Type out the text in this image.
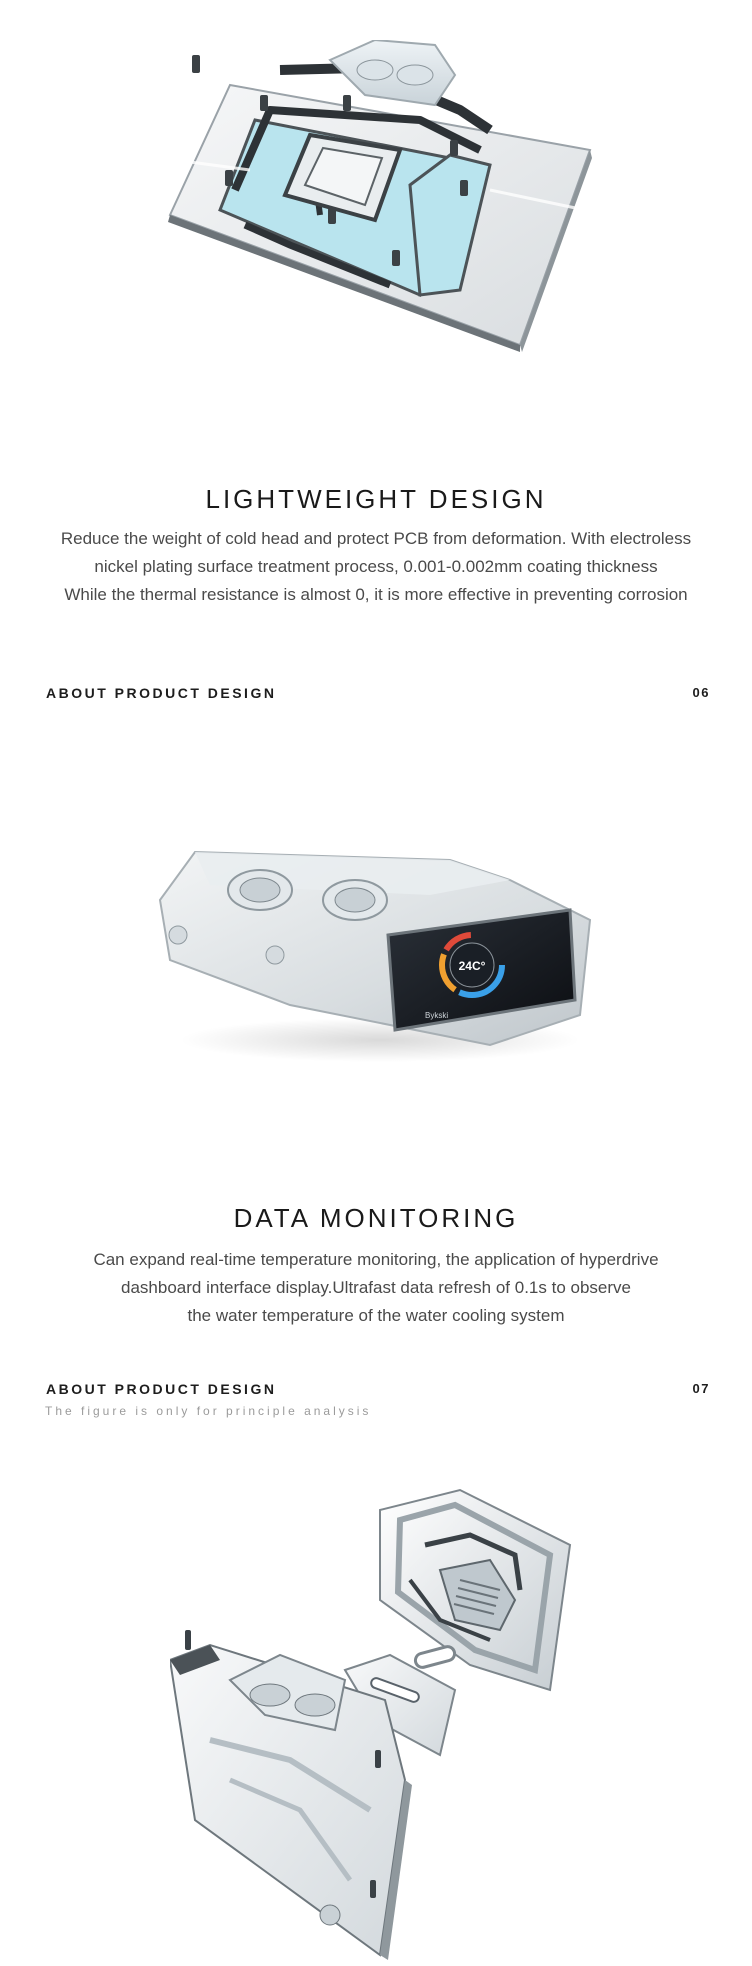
LIGHTWEIGHT DESIGN
Reduce the weight of cold head and protect PCB from deformation. With electroless
nickel plating surface treatment process, 0.001-0.002mm coating thickness
While the thermal resistance is almost 0, it is more effective in preventing corrosion
ABOUT PRODUCT DESIGN	06
24C°
Bykski
DATA MONITORING
Can expand real-time temperature monitoring, the application of hyperdrive
dashboard interface display.Ultrafast data refresh of 0.1s to observe
the water temperature of the water cooling system
ABOUT PRODUCT DESIGN	07
The figure is only for principle analysis
